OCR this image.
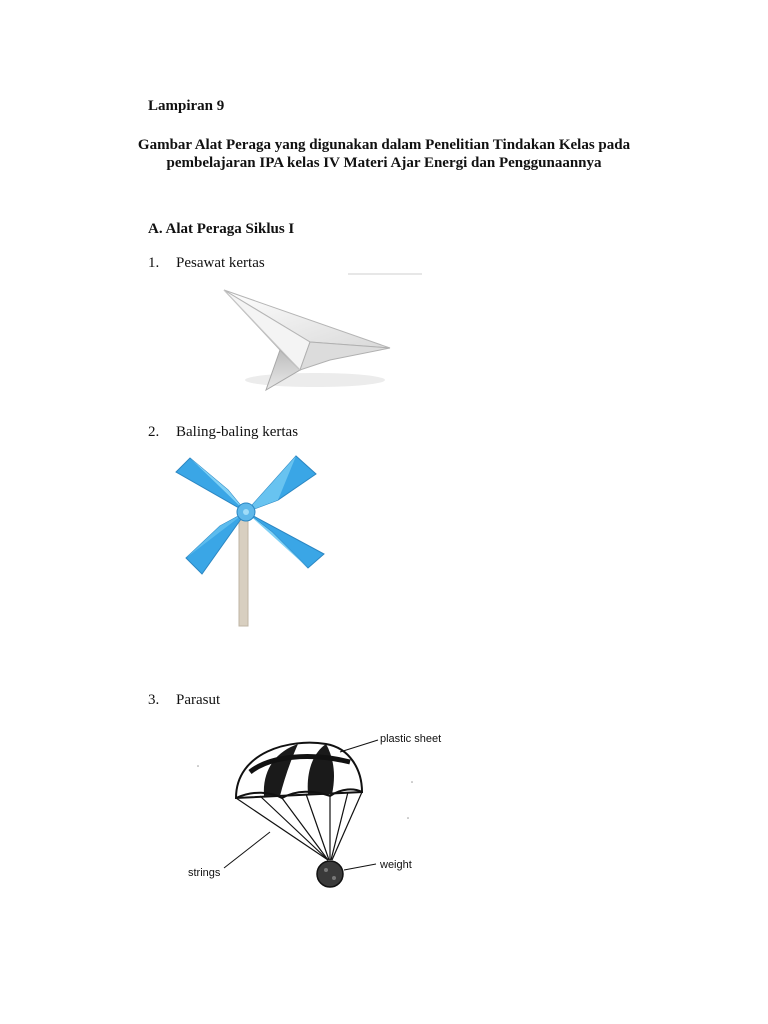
Lampiran 9
Gambar Alat Peraga yang digunakan dalam Penelitian Tindakan Kelas pada
pembelajaran IPA kelas IV Materi Ajar Energi dan Penggunaannya
A. Alat Peraga Siklus I
1. Pesawat kertas
2. Baling-baling kertas
3. Parasut
plastic sheet
strings
weight
